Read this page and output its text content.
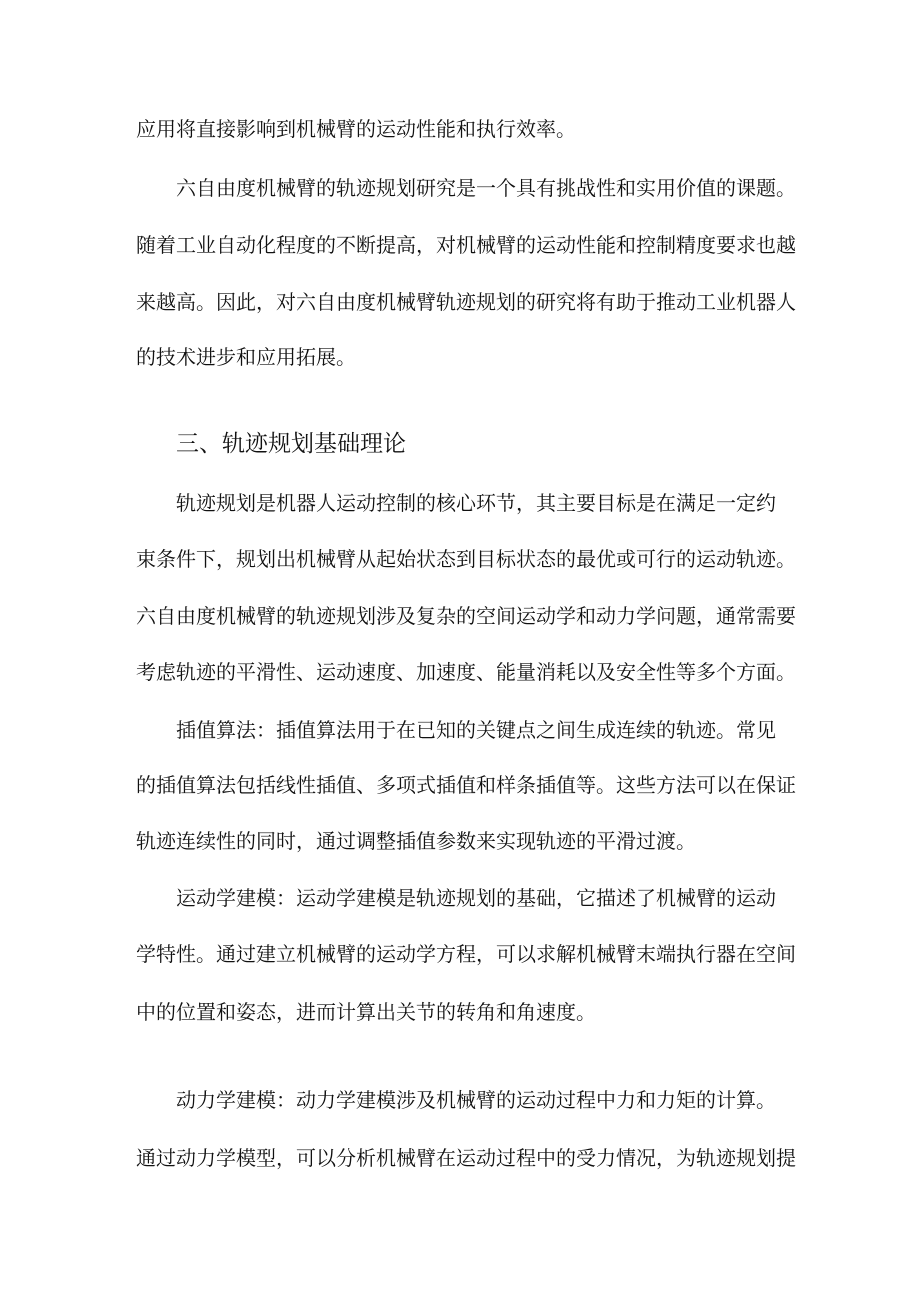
应用将直接影响到机械臂的运动性能和执行效率。
六自由度机械臂的轨迹规划研究是一个具有挑战性和实用价值的课题。
随着工业自动化程度的不断提高，对机械臂的运动性能和控制精度要求也越
来越高。因此，对六自由度机械臂轨迹规划的研究将有助于推动工业机器人
的技术进步和应用拓展。
三、轨迹规划基础理论
轨迹规划是机器人运动控制的核心环节，其主要目标是在满足一定约
束条件下，规划出机械臂从起始状态到目标状态的最优或可行的运动轨迹。
六自由度机械臂的轨迹规划涉及复杂的空间运动学和动力学问题，通常需要
考虑轨迹的平滑性、运动速度、加速度、能量消耗以及安全性等多个方面。
插值算法：插值算法用于在已知的关键点之间生成连续的轨迹。常见
的插值算法包括线性插值、多项式插值和样条插值等。这些方法可以在保证
轨迹连续性的同时，通过调整插值参数来实现轨迹的平滑过渡。
运动学建模：运动学建模是轨迹规划的基础，它描述了机械臂的运动
学特性。通过建立机械臂的运动学方程，可以求解机械臂末端执行器在空间
中的位置和姿态，进而计算出关节的转角和角速度。
动力学建模：动力学建模涉及机械臂的运动过程中力和力矩的计算。
通过动力学模型，可以分析机械臂在运动过程中的受力情况，为轨迹规划提
